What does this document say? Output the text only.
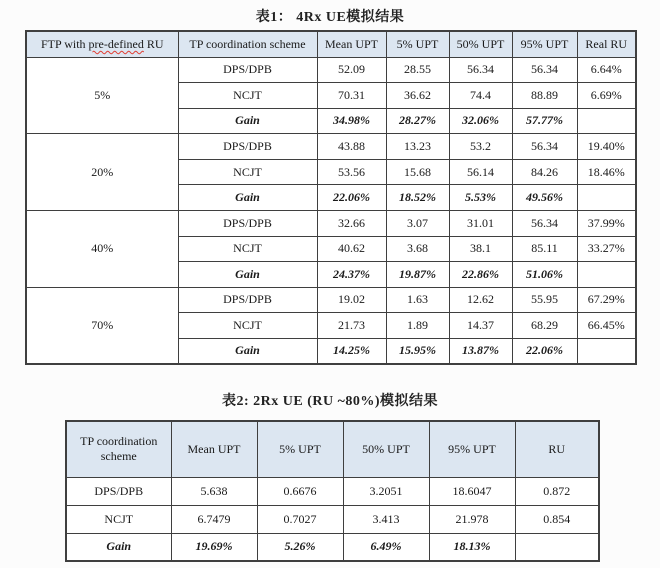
表1： 4Rx UE模拟结果
FTP with pre-defined RU	TP coordination scheme	Mean UPT	5% UPT	50% UPT	95% UPT	Real RU
5%	DPS/DPB	52.09	28.55	56.34	56.34	6.64%
	NCJT	70.31	36.62	74.4	88.89	6.69%
	Gain	34.98%	28.27%	32.06%	57.77%	
20%	DPS/DPB	43.88	13.23	53.2	56.34	19.40%
	NCJT	53.56	15.68	56.14	84.26	18.46%
	Gain	22.06%	18.52%	5.53%	49.56%	
40%	DPS/DPB	32.66	3.07	31.01	56.34	37.99%
	NCJT	40.62	3.68	38.1	85.11	33.27%
	Gain	24.37%	19.87%	22.86%	51.06%	
70%	DPS/DPB	19.02	1.63	12.62	55.95	67.29%
	NCJT	21.73	1.89	14.37	68.29	66.45%
	Gain	14.25%	15.95%	13.87%	22.06%	
表2: 2Rx UE (RU ~80%)模拟结果
TP coordination scheme	Mean UPT	5% UPT	50% UPT	95% UPT	RU
DPS/DPB	5.638	0.6676	3.2051	18.6047	0.872
NCJT	6.7479	0.7027	3.413	21.978	0.854
Gain	19.69%	5.26%	6.49%	18.13%	
